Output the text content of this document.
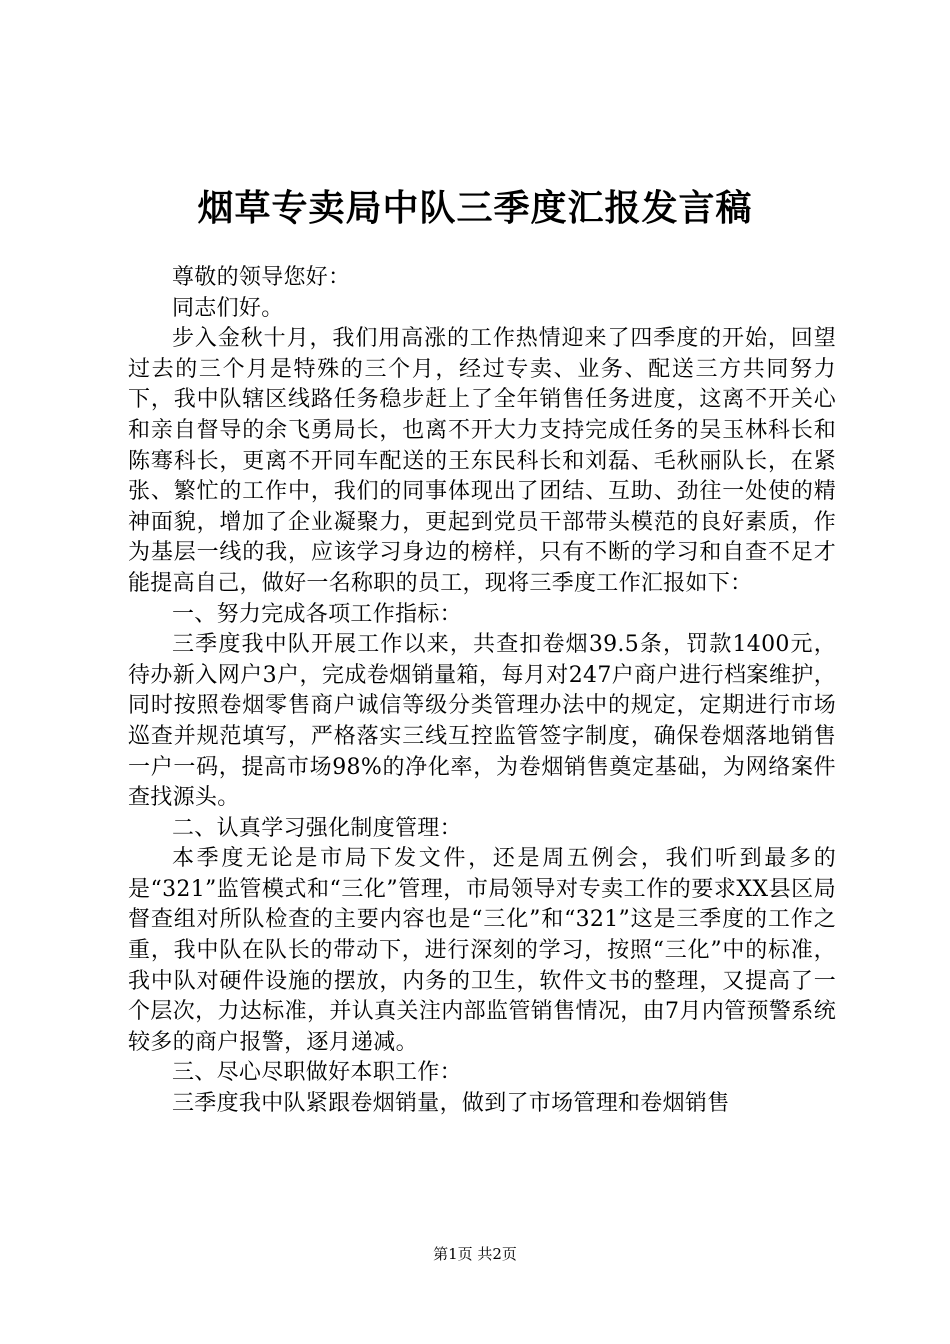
烟草专卖局中队三季度汇报发言稿

尊敬的领导您好：

同志们好。

步入金秋十月，我们用高涨的工作热情迎来了四季度的开始，回望过去的三个月是特殊的三个月，经过专卖、业务、配送三方共同努力下，我中队辖区线路任务稳步赶上了全年销售任务进度，这离不开关心和亲自督导的余飞勇局长，也离不开大力支持完成任务的吴玉林科长和陈骞科长，更离不开同车配送的王东民科长和刘磊、毛秋丽队长，在紧张、繁忙的工作中，我们的同事体现出了团结、互助、劲往一处使的精神面貌，增加了企业凝聚力，更起到党员干部带头模范的良好素质，作为基层一线的我，应该学习身边的榜样，只有不断的学习和自查不足才能提高自己，做好一名称职的员工，现将三季度工作汇报如下：

一、努力完成各项工作指标：

三季度我中队开展工作以来，共查扣卷烟39.5条，罚款1400元，待办新入网户3户，完成卷烟销量箱，每月对247户商户进行档案维护，同时按照卷烟零售商户诚信等级分类管理办法中的规定，定期进行市场巡查并规范填写，严格落实三线互控监管签字制度，确保卷烟落地销售一户一码，提高市场98%的净化率，为卷烟销售奠定基础，为网络案件查找源头。

二、认真学习强化制度管理：

本季度无论是市局下发文件，还是周五例会，我们听到最多的是“321”监管模式和“三化”管理，市局领导对专卖工作的要求XX县区局督查组对所队检查的主要内容也是“三化”和“321”这是三季度的工作之重，我中队在队长的带动下，进行深刻的学习，按照“三化”中的标准，我中队对硬件设施的摆放，内务的卫生，软件文书的整理，又提高了一个层次，力达标准，并认真关注内部监管销售情况，由7月内管预警系统较多的商户报警，逐月递减。

三、尽心尽职做好本职工作：

三季度我中队紧跟卷烟销量，做到了市场管理和卷烟销售

第1页 共2页
